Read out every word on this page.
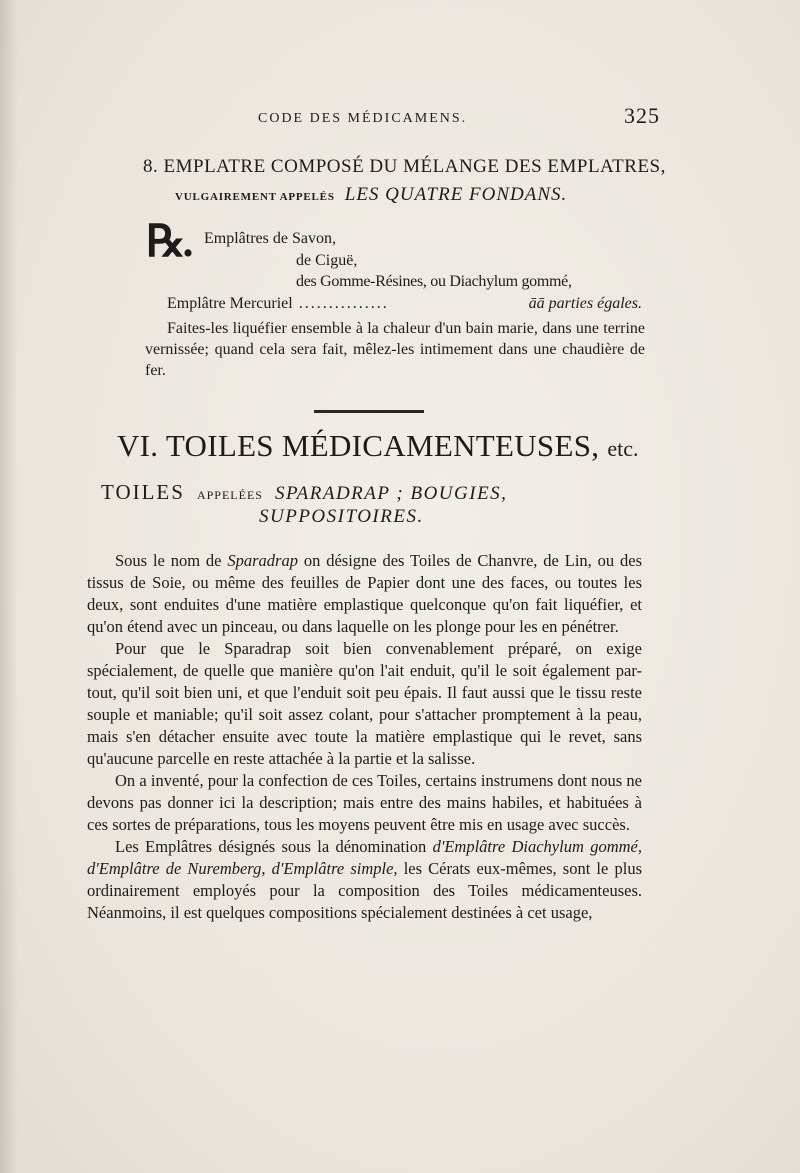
CODE DES MÉDICAMENS.	325
8. EMPLATRE COMPOSÉ DU MÉLANGE DES EMPLATRES,
VULGAIREMENT APPELÉS LES QUATRE FONDANS.
℞. Emplâtres de Savon,
de Ciguë,
des Gomme-Résines, ou Diachylum gommé,
Emplâtre Mercuriel	āā parties égales.
...............
Faites-les liquéfier ensemble à la chaleur d'un bain marie, dans une terrine vernissée; quand cela sera fait, mêlez-les intimement dans une chaudière de fer.
VI. TOILES MÉDICAMENTEUSES, etc.
TOILES APPELÉES SPARADRAP ; BOUGIES,
SUPPOSITOIRES.

Sous le nom de Sparadrap on désigne des Toiles de Chanvre, de Lin, ou des tissus de Soie, ou même des feuilles de Papier dont une des faces, ou toutes les deux, sont enduites d'une matière emplastique quelconque qu'on fait liquéfier, et qu'on étend avec un pinceau, ou dans laquelle on les plonge pour les en pénétrer.

Pour que le Sparadrap soit bien convenablement préparé, on exige spécialement, de quelle que manière qu'on l'ait enduit, qu'il le soit également par-tout, qu'il soit bien uni, et que l'enduit soit peu épais. Il faut aussi que le tissu reste souple et maniable; qu'il soit assez colant, pour s'attacher promptement à la peau, mais s'en détacher ensuite avec toute la matière emplastique qui le revet, sans qu'aucune parcelle en reste attachée à la partie et la salisse.

On a inventé, pour la confection de ces Toiles, certains instrumens dont nous ne devons pas donner ici la description; mais entre des mains habiles, et habituées à ces sortes de préparations, tous les moyens peuvent être mis en usage avec succès.

Les Emplâtres désignés sous la dénomination d'Emplâtre Diachylum gommé, d'Emplâtre de Nuremberg, d'Emplâtre simple, les Cérats eux-mêmes, sont le plus ordinairement employés pour la composition des Toiles médicamenteuses. Néanmoins, il est quelques compositions spécialement destinées à cet usage,
